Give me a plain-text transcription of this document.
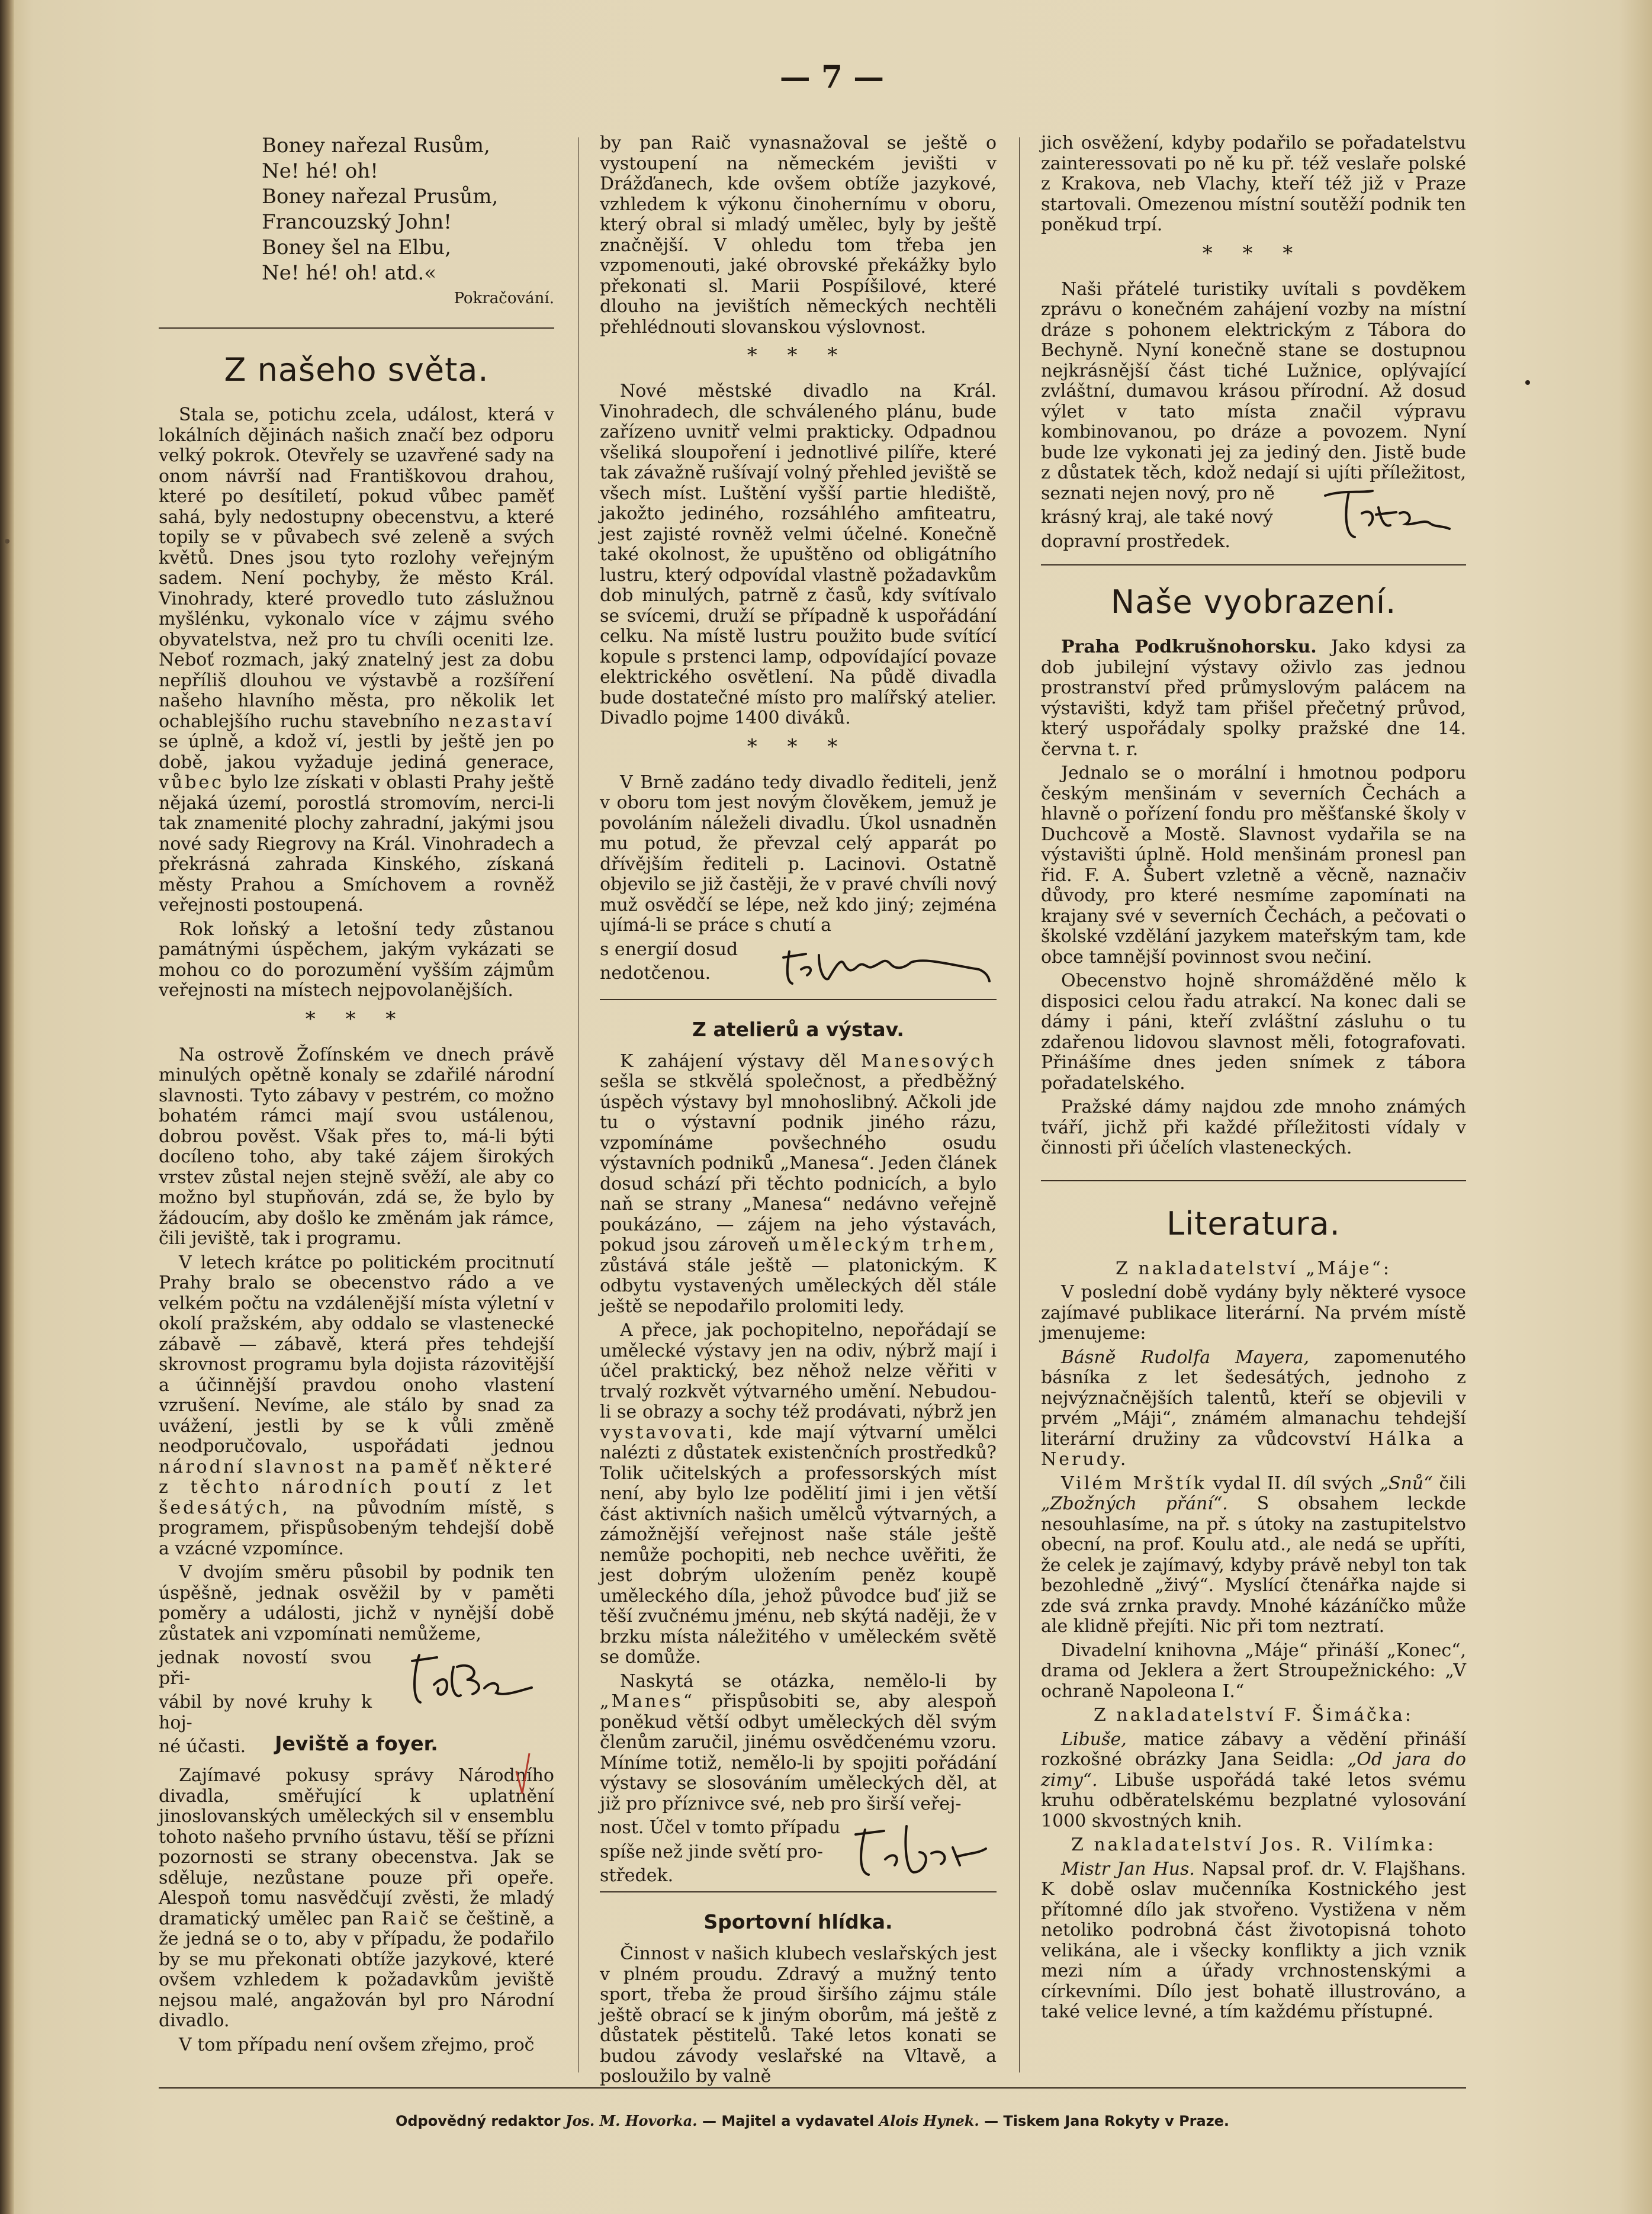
— 7 —
Boney nařezal Rusům,
Ne! hé! oh!
Boney nařezal Prusům,
Francouzský John!
Boney šel na Elbu,
Ne! hé! oh! atd.«
Pokračování.
Z našeho světa.

Stala se, potichu zcela, událost, která v lokálních dějinách našich značí bez odporu velký pokrok. Otevřely se uzavřené sady na onom návrší nad Františkovou drahou, které po desítiletí, pokud vůbec paměť sahá, byly nedostupny obecenstvu, a které topily se v půvabech své zeleně a svých květů. Dnes jsou tyto rozlohy veřejným sadem. Není pochyby, že město Král. Vinohrady, které provedlo tuto záslužnou myšlénku, vykonalo více v zájmu svého obyvatelstva, než pro tu chvíli oceniti lze. Neboť rozmach, jaký znatelný jest za dobu nepříliš dlouhou ve výstavbě a rozšíření našeho hlavního města, pro několik let ochablejšího ruchu stavebního nezastaví se úplně, a kdož ví, jestli by ještě jen po době, jakou vyžaduje jediná generace, vůbec bylo lze získati v oblasti Prahy ještě nějaká území, porostlá stromovím, nerci-li tak znamenité plochy zahradní, jakými jsou nové sady Riegrovy na Král. Vinohradech a překrásná zahrada Kinského, získaná městy Prahou a Smíchovem a rovněž veřejnosti postoupená.

Rok loňský a letošní tedy zůstanou památnými úspěchem, jakým vykázati se mohou co do porozumění vyšším zájmům veřejnosti na místech nejpovolanějších.

* * *

Na ostrově Žofínském ve dnech právě minulých opětně konaly se zdařilé národní slavnosti. Tyto zábavy v pestrém, co možno bohatém rámci mají svou ustálenou, dobrou pověst. Však přes to, má-li býti docíleno toho, aby také zájem širokých vrstev zůstal nejen stejně svěží, ale aby co možno byl stupňován, zdá se, že bylo by žádoucím, aby došlo ke změnám jak rámce, čili jeviště, tak i programu.

V letech krátce po politickém procitnutí Prahy bralo se obecenstvo rádo a ve velkém počtu na vzdálenější místa výletní v okolí pražském, aby oddalo se vlastenecké zábavě — zábavě, která přes tehdejší skrovnost programu byla dojista rázovitější a účinnější pravdou onoho vlastení vzrušení. Nevíme, ale stálo by snad za uvážení, jestli by se k vůli změně neodporučovalo, uspořádati jednou národní slavnost na paměť některé z těchto národních poutí z let šedesátých, na původním místě, s programem, přispůsobeným tehdejší době a vzácné vzpomínce.

V dvojím směru působil by podnik ten úspěšně, jednak osvěžil by v paměti poměry a události, jichž v nynější době zůstatek ani vzpomínati nemůžeme,

jednak novostí svou při-

vábil by nové kruhy k hoj-

né účasti.	Jeviště a foyer.

Zajímavé pokusy správy Národního divadla, směřující k uplatnění jinoslovanských uměleckých sil v ensemblu tohoto našeho prvního ústavu, těší se přízni pozornosti se strany obecenstva. Jak se sděluje, nezůstane pouze při opeře. Alespoň tomu nasvědčují zvěsti, že mladý dramatický umělec pan Raič se češtině, a že jedná se o to, aby v případu, že podařilo by se mu překonati obtíže jazykové, které ovšem vzhledem k požadavkům jeviště nejsou malé, angažován byl pro Národní divadlo.

V tom případu není ovšem zřejmo, proč

by pan Raič vynasnažoval se ještě o vystoupení na německém jevišti v Drážďanech, kde ovšem obtíže jazykové, vzhledem k výkonu činohernímu v oboru, který obral si mladý umělec, byly by ještě značnější. V ohledu tom třeba jen vzpomenouti, jaké obrovské překážky bylo překonati sl. Marii Pospíšilové, které dlouho na jevištích německých nechtěli přehlédnouti slovanskou výslovnost.

* * *

Nové městské divadlo na Král. Vinohradech, dle schváleného plánu, bude zařízeno uvnitř velmi prakticky. Odpadnou všeliká sloupoření i jednotlivé pilíře, které tak závažně rušívají volný přehled jeviště se všech míst. Luštění vyšší partie hlediště, jakožto jediného, rozsáhlého amfiteatru, jest zajisté rovněž velmi účelné. Konečně také okolnost, že upuštěno od obligátního lustru, který odpovídal vlastně požadavkům dob minulých, patrně z časů, kdy svítívalo se svícemi, druží se případně k uspořádání celku. Na místě lustru použito bude svítící kopule s prstenci lamp, odpovídající povaze elektrického osvětlení. Na půdě divadla bude dostatečné místo pro malířský atelier. Divadlo pojme 1400 diváků.

* * *

V Brně zadáno tedy divadlo řediteli, jenž v oboru tom jest novým člověkem, jemuž je povoláním náleželi divadlu. Úkol usnadněn mu potud, že převzal celý apparát po dřívějším řediteli p. Lacinovi. Ostatně objevilo se již častěji, že v pravé chvíli nový muž osvědčí se lépe, než kdo jiný; zejména ujímá-li se práce s chutí a

s energií dosud

nedotčenou.

Z atelierů a výstav.

K zahájení výstavy děl Manesových sešla se stkvělá společnost, a předběžný úspěch výstavy byl mnohoslibný. Ačkoli jde tu o výstavní podnik jiného rázu, vzpomínáme povšechného osudu výstavních podniků „Manesa“. Jeden článek dosud schází při těchto podnicích, a bylo naň se strany „Manesa“ nedávno veřejně poukázáno, — zájem na jeho výstavách, pokud jsou zároveň uměleckým trhem, zůstává stále ještě — platonickým. K odbytu vystavených uměleckých děl stále ještě se nepodařilo prolomiti ledy.

A přece, jak pochopitelno, nepořádají se umělecké výstavy jen na odiv, nýbrž mají i účel praktický, bez něhož nelze věřiti v trvalý rozkvět výtvarného umění. Nebudou-li se obrazy a sochy též prodávati, nýbrž jen vystavovati, kde mají výtvarní umělci nalézti z důstatek existenčních prostředků? Tolik učitelských a professorských míst není, aby bylo lze podělití jimi i jen větší část aktivních našich umělců výtvarných, a zámožnější veřejnost naše stále ještě nemůže pochopiti, neb nechce uvěřiti, že jest dobrým uložením peněz koupě uměleckého díla, jehož původce buď již se těší zvučnému jménu, neb skýtá naději, že v brzku místa náležitého v uměleckém světě se domůže.

Naskytá se otázka, nemělo-li by „Manes“ přispůsobiti se, aby alespoň poněkud větší odbyt uměleckých děl svým členům zaručil, jinému osvědčenému vzoru. Míníme totiž, nemělo-li by spojiti pořádání výstavy se slosováním uměleckých děl, at již pro příznivce své, neb pro širší veřej-

nost. Účel v tomto případu

spíše než jinde světí pro-

středek.

Sportovní hlídka.

Činnost v našich klubech veslařských jest v plném proudu. Zdravý a mužný tento sport, třeba že proud širšího zájmu stále ještě obrací se k jiným oborům, má ještě z důstatek pěstitelů. Také letos konati se budou závody veslařské na Vltavě, a posloužilo by valně

jich osvěžení, kdyby podařilo se pořadatelstvu zainteressovati po ně ku př. též veslaře polské z Krakova, neb Vlachy, kteří též již v Praze startovali. Omezenou místní soutěží podnik ten poněkud trpí.

* * *

Naši přátelé turistiky uvítali s povděkem zprávu o konečném zahájení vozby na místní dráze s pohonem elektrickým z Tábora do Bechyně. Nyní konečně stane se dostupnou nejkrásnější část tiché Lužnice, oplývající zvláštní, dumavou krásou přírodní. Až dosud výlet v tato místa značil výpravu kombinovanou, po dráze a povozem. Nyní bude lze vykonati jej za jediný den. Jistě bude z důstatek těch, kdož nedají si ujíti příležitost, seznati nejen nový, pro ně

krásný kraj, ale také nový

dopravní prostředek.

Naše vyobrazení.

Praha Podkrušnohorsku. Jako kdysi za dob jubilejní výstavy oživlo zas jednou prostranství před průmyslovým palácem na výstavišti, když tam přišel přečetný průvod, který uspořádaly spolky pražské dne 14. června t. r.

Jednalo se o morální i hmotnou podporu českým menšinám v severních Čechách a hlavně o pořízení fondu pro měšťanské školy v Duchcově a Mostě. Slavnost vydařila se na výstavišti úplně. Hold menšinám pronesl pan řid. F. A. Šubert vzletně a věcně, naznačiv důvody, pro které nesmíme zapomínati na krajany své v severních Čechách, a pečovati o školské vzdělání jazykem mateřským tam, kde obce tamnější povinnost svou nečiní.

Obecenstvo hojně shromážděné mělo k disposici celou řadu atrakcí. Na konec dali se dámy i páni, kteří zvláštní zásluhu o tu zdařenou lidovou slavnost měli, fotografovati. Přinášíme dnes jeden snímek z tábora pořadatelského.

Pražské dámy najdou zde mnoho známých tváří, jichž při každé příležitosti vídaly v činnosti při účelích vlasteneckých.

Literatura.

Z nakladatelství „Máje“:

V poslední době vydány byly některé vysoce zajímavé publikace literární. Na prvém místě jmenujeme:

Básně Rudolfa Mayera, zapomenutého básníka z let šedesátých, jednoho z nejvýznačnějších talentů, kteří se objevili v prvém „Máji“, známém almanachu tehdejší literární družiny za vůdcovství Hálka a Nerudy.

Vilém Mrštík vydal II. díl svých „Snů“ čili „Zbožných přání“. S obsahem leckde nesouhlasíme, na př. s útoky na zastupitelstvo obecní, na prof. Koulu atd., ale nedá se upříti, že celek je zajímavý, kdyby právě nebyl ton tak bezohledně „živý“. Myslící čtenářka najde si zde svá zrnka pravdy. Mnohé kázáníčko může ale klidně přejíti. Nic při tom neztratí.

Divadelní knihovna „Máje“ přináší „Konec“, drama od Jeklera a žert Stroupežnického: „V ochraně Napoleona I.“

Z nakladatelství F. Šimáčka:

Libuše, matice zábavy a vědění přináší rozkošné obrázky Jana Seidla: „Od jara do zimy“. Libuše uspořádá také letos svému kruhu odběratelskému bezplatné vylosování 1000 skvostných knih.

Z nakladatelství Jos. R. Vilímka:

Mistr Jan Hus. Napsal prof. dr. V. Flajšhans. K době oslav mučenníka Kostnického jest přítomné dílo jak stvořeno. Vystižena v něm netoliko podrobná část životopisná tohoto velikána, ale i všecky konflikty a jich vznik mezi ním a úřady vrchnostenskými a církevními. Dílo jest bohatě illustrováno, a také velice levné, a tím každému přístupné.

Odpovědný redaktor Jos. M. Hovorka. — Majitel a vydavatel Alois Hynek. — Tiskem Jana Rokyty v Praze.
